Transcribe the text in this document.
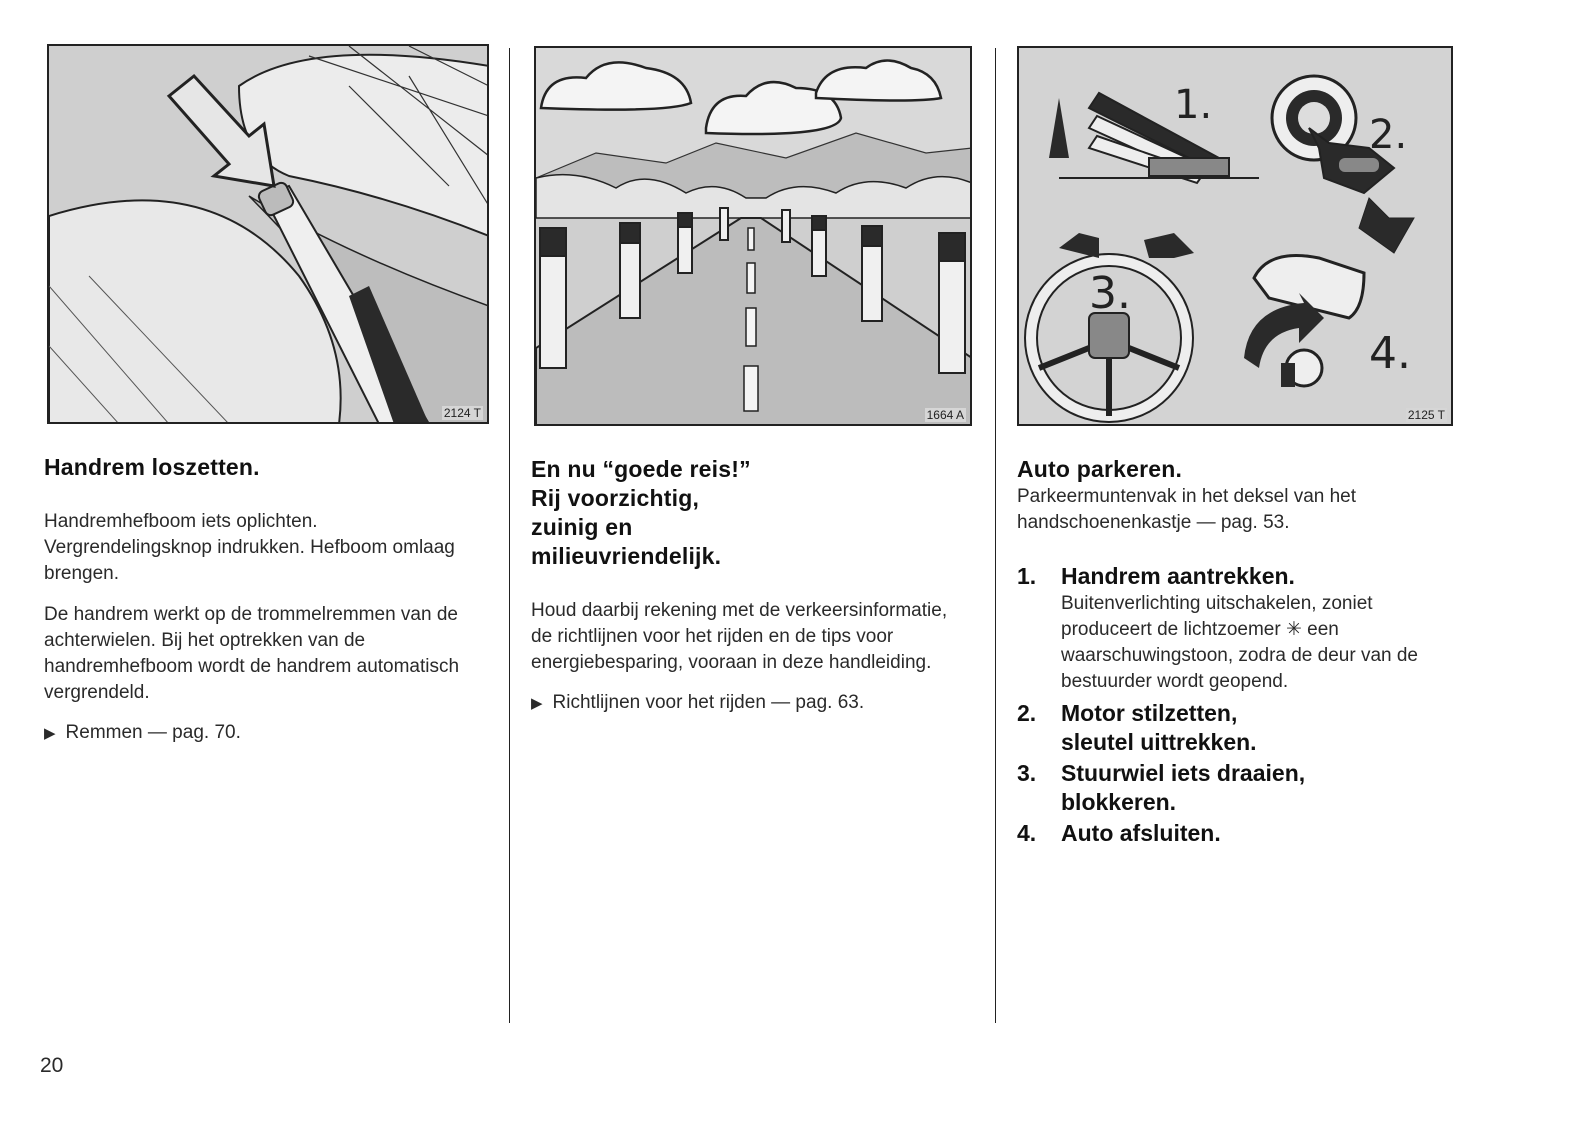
2124 T	1664 A
1.
2.
3.
4.
2125 T
Handrem loszetten.

Handremhefboom iets oplichten. Vergrendelingsknop indrukken. Hefboom omlaag brengen.

De handrem werkt op de trommelremmen van de achterwielen. Bij het optrekken van de handremhefboom wordt de handrem automatisch vergrendeld.

▶ Remmen — pag. 70.
En nu “goede reis!”
Rij voorzichtig,
zuinig en
milieuvriendelijk.

Houd daarbij rekening met de verkeersinformatie, de richtlijnen voor het rijden en de tips voor energiebesparing, vooraan in deze handleiding.

▶ Richtlijnen voor het rijden — pag. 63.
Auto parkeren.

Parkeermuntenvak in het deksel van het handschoenenkastje — pag. 53.

1.	Handrem aantrekken.

Buitenverlichting uitschakelen, zoniet produceert de lichtzoemer ✳ een waarschuwingstoon, zodra de deur van de bestuurder wordt geopend.

2.	Motor stilzetten, sleutel uittrekken.
3.	Stuurwiel iets draaien, blokkeren.
4.	Auto afsluiten.
20
